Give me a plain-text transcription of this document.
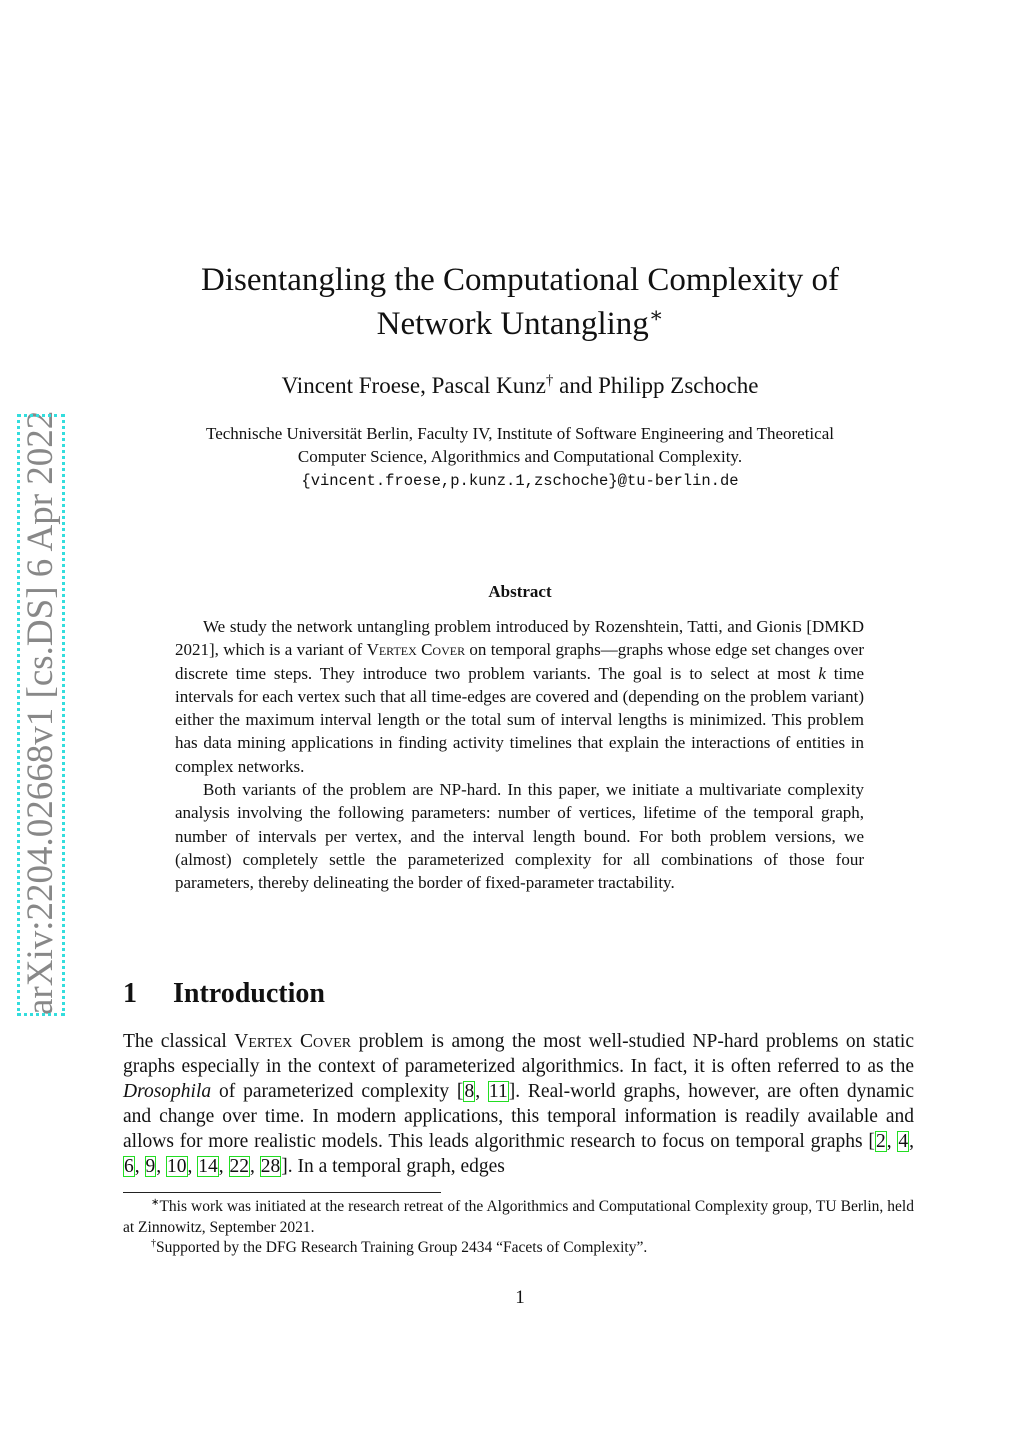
arXiv:2204.02668v1 [cs.DS] 6 Apr 2022
Disentangling the Computational Complexity of
Network Untangling∗
Vincent Froese, Pascal Kunz† and Philipp Zschoche
Technische Universität Berlin, Faculty IV, Institute of Software Engineering and Theoretical
Computer Science, Algorithmics and Computational Complexity.
{vincent.froese,p.kunz.1,zschoche}@tu-berlin.de
Abstract

We study the network untangling problem introduced by Rozenshtein, Tatti, and Gionis [DMKD 2021], which is a variant of Vertex Cover on temporal graphs—graphs whose edge set changes over discrete time steps. They introduce two problem variants. The goal is to select at most k time intervals for each vertex such that all time-edges are covered and (depending on the problem variant) either the maximum interval length or the total sum of interval lengths is minimized. This problem has data mining applications in finding activity timelines that explain the interactions of entities in complex networks.

Both variants of the problem are NP-hard. In this paper, we initiate a multivariate complexity analysis involving the following parameters: number of vertices, lifetime of the temporal graph, number of intervals per vertex, and the interval length bound. For both problem versions, we (almost) completely settle the parameterized complexity for all combinations of those four parameters, thereby delineating the border of fixed-parameter tractability.

1 Introduction

The classical Vertex Cover problem is among the most well-studied NP-hard problems on static graphs especially in the context of parameterized algorithmics. In fact, it is often referred to as the Drosophila of parameterized complexity [8, 11]. Real-world graphs, however, are often dynamic and change over time. In modern applications, this temporal information is readily available and allows for more realistic models. This leads algorithmic research to focus on temporal graphs [2, 4, 6, 9, 10, 14, 22, 28]. In a temporal graph, edges

∗This work was initiated at the research retreat of the Algorithmics and Computational Complexity group, TU Berlin, held at Zinnowitz, September 2021.

†Supported by the DFG Research Training Group 2434 “Facets of Complexity”.

1
